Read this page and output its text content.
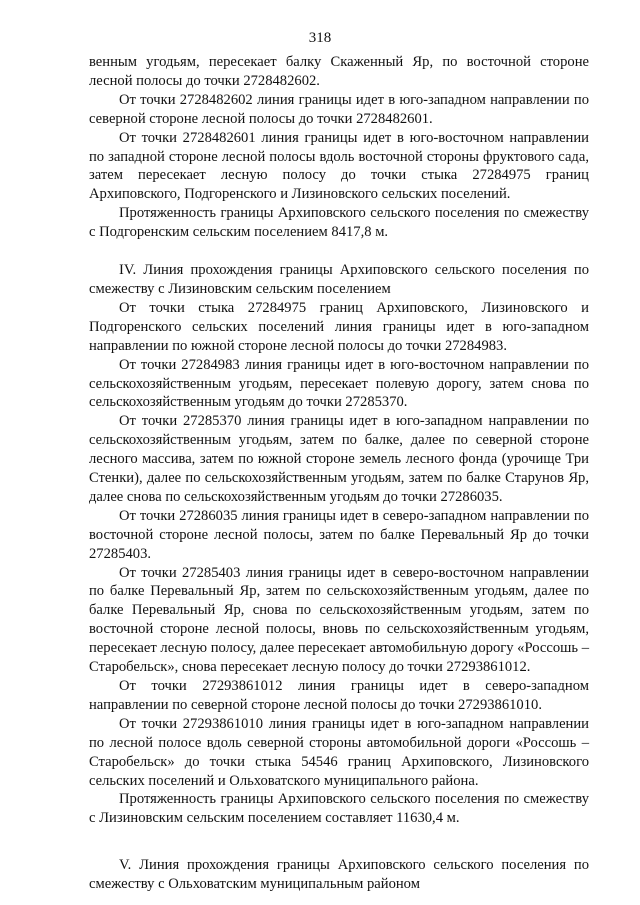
318

венным угодьям, пересекает балку Скаженный Яр, по восточной стороне лесной полосы до точки 2728482602.

От точки 2728482602 линия границы идет в юго-западном направлении по северной стороне лесной полосы до точки 2728482601.

От точки 2728482601 линия границы идет в юго-восточном направлении по западной стороне лесной полосы вдоль восточной стороны фруктового сада, затем пересекает лесную полосу до точки стыка 27284975 границ Архиповского, Подгоренского и Лизиновского сельских поселений.

Протяженность границы Архиповского сельского поселения по смежеству с Подгоренским сельским поселением 8417,8 м.

IV. Линия прохождения границы Архиповского сельского поселения по смежеству с Лизиновским сельским поселением

От точки стыка 27284975 границ Архиповского, Лизиновского и Подгоренского сельских поселений линия границы идет в юго-западном направлении по южной стороне лесной полосы до точки 27284983.

От точки 27284983 линия границы идет в юго-восточном направлении по сельскохозяйственным угодьям, пересекает полевую дорогу, затем снова по сельскохозяйственным угодьям до точки 27285370.

От точки 27285370 линия границы идет в юго-западном направлении по сельскохозяйственным угодьям, затем по балке, далее по северной стороне лесного массива, затем по южной стороне земель лесного фонда (урочище Три Стенки), далее по сельскохозяйственным угодьям, затем по балке Старунов Яр, далее снова по сельскохозяйственным угодьям до точки 27286035.

От точки 27286035 линия границы идет в северо-западном направлении по восточной стороне лесной полосы, затем по балке Перевальный Яр до точки 27285403.

От точки 27285403 линия границы идет в северо-восточном направлении по балке Перевальный Яр, затем по сельскохозяйственным угодьям, далее по балке Перевальный Яр, снова по сельскохозяйственным угодьям, затем по восточной стороне лесной полосы, вновь по сельскохозяйственным угодьям, пересекает лесную полосу, далее пересекает автомобильную дорогу «Россошь – Старобельск», снова пересекает лесную полосу до точки 27293861012.

От точки 27293861012 линия границы идет в северо-западном направлении по северной стороне лесной полосы до точки 27293861010.

От точки 27293861010 линия границы идет в юго-западном направлении по лесной полосе вдоль северной стороны автомобильной дороги «Россошь – Старобельск» до точки стыка 54546 границ Архиповского, Лизиновского сельских поселений и Ольховатского муниципального района.

Протяженность границы Архиповского сельского поселения по смежеству с Лизиновским сельским поселением составляет 11630,4 м.

V. Линия прохождения границы Архиповского сельского поселения по смежеству с Ольховатским муниципальным районом
